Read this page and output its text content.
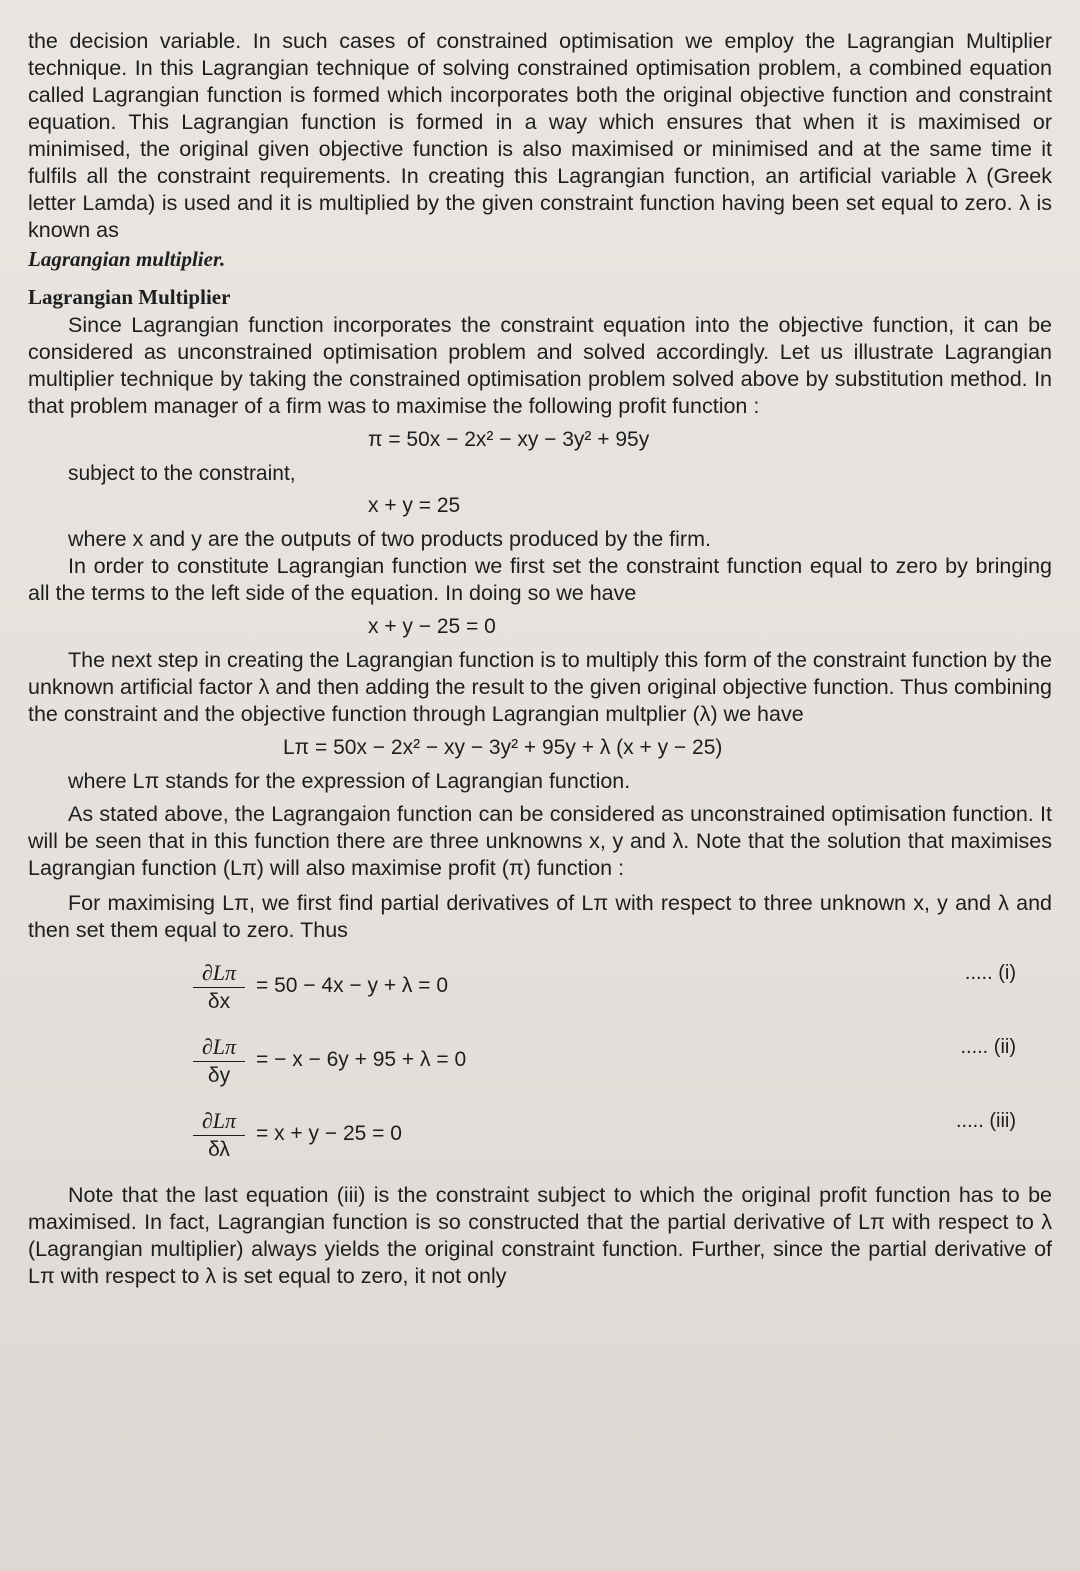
the decision variable. In such cases of constrained optimisation we employ the Lagrangian Multiplier technique. In this Lagrangian technique of solving constrained optimisation problem, a combined equation called Lagrangian function is formed which incorporates both the original objective function and constraint equation. This Lagrangian function is formed in a way which ensures that when it is maximised or minimised, the original given objective function is also maximised or minimised and at the same time it fulfils all the constraint requirements. In creating this Lagrangian function, an artificial variable λ (Greek letter Lamda) is used and it is multiplied by the given constraint function having been set equal to zero. λ is known as
Lagrangian multiplier.

Lagrangian Multiplier

Since Lagrangian function incorporates the constraint equation into the objective function, it can be considered as unconstrained optimisation problem and solved accordingly. Let us illustrate Lagrangian multiplier technique by taking the constrained optimisation problem solved above by substitution method. In that problem manager of a firm was to maximise the following profit function :

π = 50x − 2x² − xy − 3y² + 95y
subject to the constraint,
x + y = 25

where x and y are the outputs of two products produced by the firm.

In order to constitute Lagrangian function we first set the constraint function equal to zero by bringing all the terms to the left side of the equation. In doing so we have

x + y − 25 = 0

The next step in creating the Lagrangian function is to multiply this form of the constraint function by the unknown artificial factor λ and then adding the result to the given original objective function. Thus combining the constraint and the objective function through Lagrangian multplier (λ) we have

Lπ = 50x − 2x² − xy − 3y² + 95y + λ (x + y − 25)

where Lπ stands for the expression of Lagrangian function.

As stated above, the Lagrangaion function can be considered as unconstrained optimisation function. It will be seen that in this function there are three unknowns x, y and λ. Note that the solution that maximises Lagrangian function (Lπ) will also maximise profit (π) function :

For maximising Lπ, we first find partial derivatives of Lπ with respect to three unknown x, y and λ and then set them equal to zero. Thus

$\frac{\partial L\pi}{\delta x} = 50 - 4x - y + \lambda = 0$
..... (i)
$\frac{\partial L\pi}{\delta y}$ = − x − 6y + 95 + λ = 0
..... (ii)
$\frac{\partial L\pi}{\delta\lambda} = x + y - 25 = 0$
..... (iii)

Note that the last equation (iii) is the constraint subject to which the original profit function has to be maximised. In fact, Lagrangian function is so constructed that the partial derivative of Lπ with respect to λ (Lagrangian multiplier) always yields the original constraint function. Further, since the partial derivative of Lπ with respect to λ is set equal to zero, it not only
